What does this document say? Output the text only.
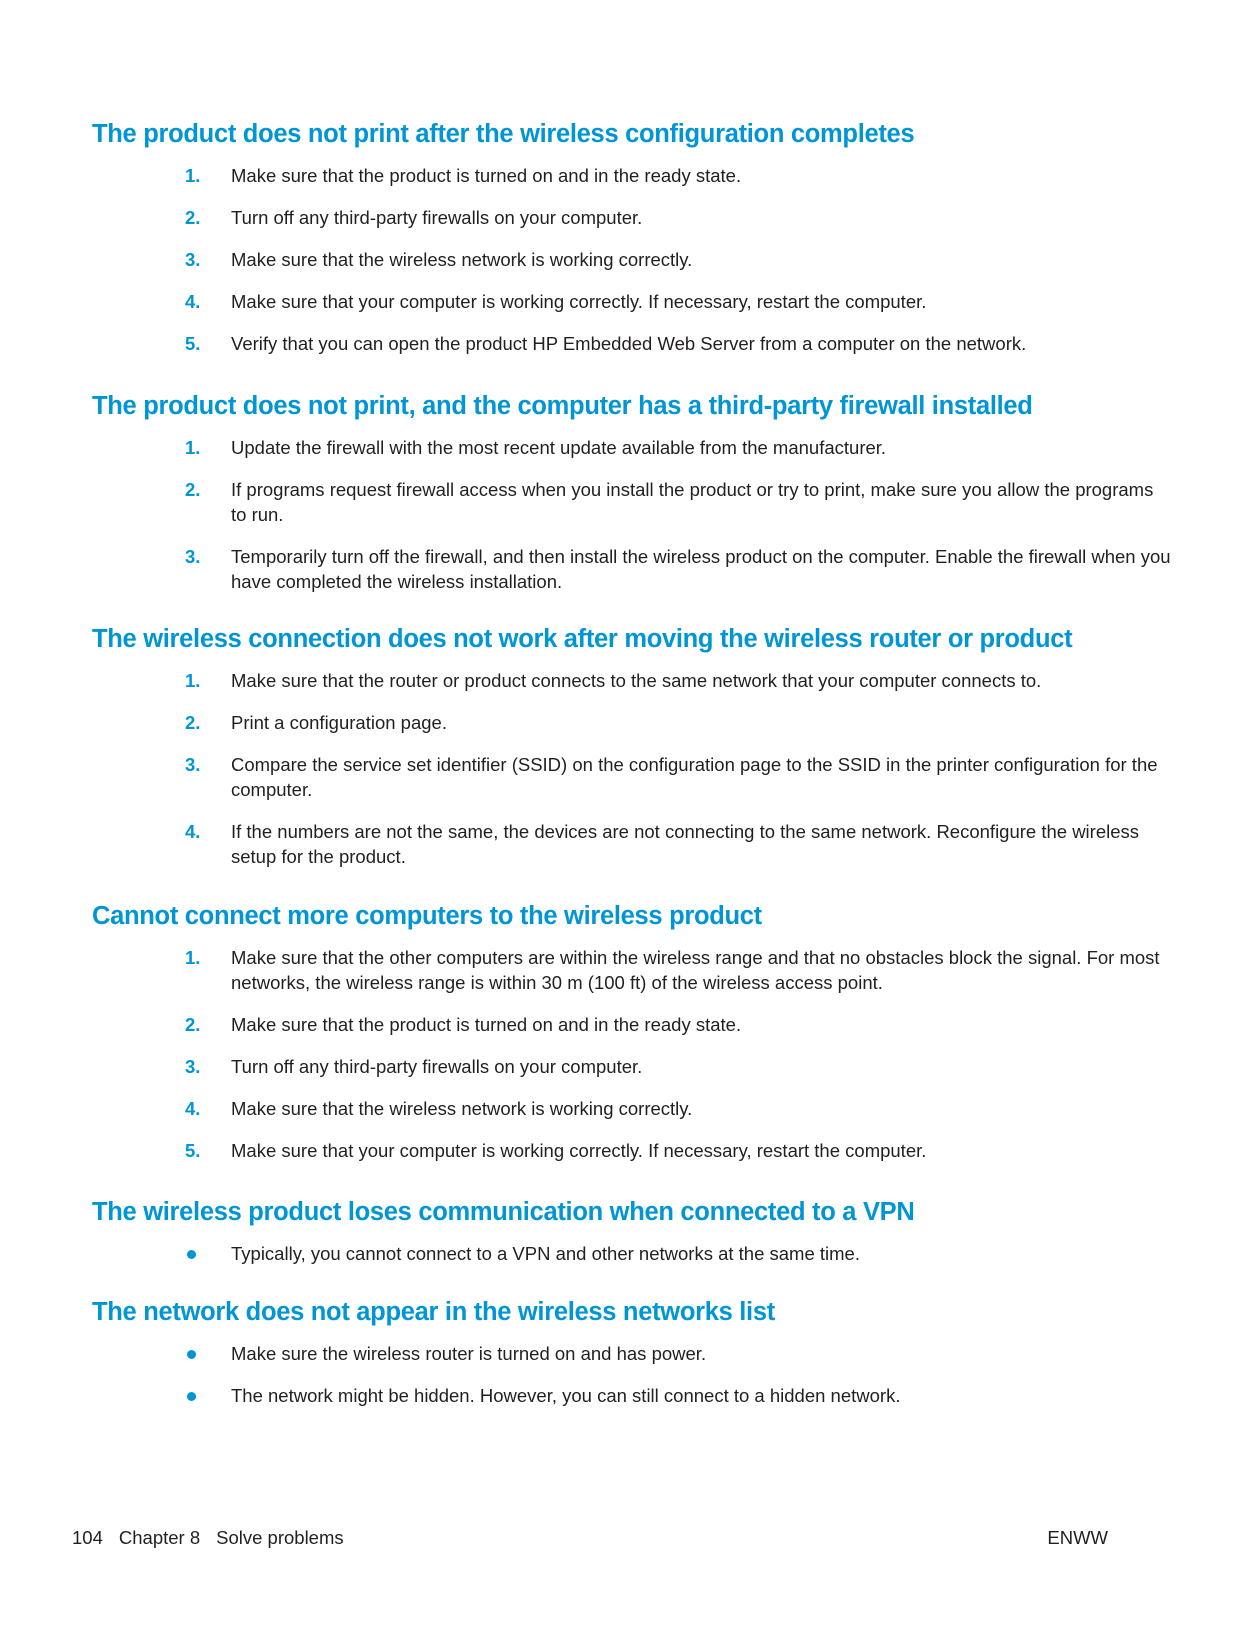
The product does not print after the wireless configuration completes
1. Make sure that the product is turned on and in the ready state.
2. Turn off any third-party firewalls on your computer.
3. Make sure that the wireless network is working correctly.
4. Make sure that your computer is working correctly. If necessary, restart the computer.
5. Verify that you can open the product HP Embedded Web Server from a computer on the network.
The product does not print, and the computer has a third-party firewall installed
1. Update the firewall with the most recent update available from the manufacturer.
2. If programs request firewall access when you install the product or try to print, make sure you allow the programs to run.
3. Temporarily turn off the firewall, and then install the wireless product on the computer. Enable the firewall when you have completed the wireless installation.
The wireless connection does not work after moving the wireless router or product
1. Make sure that the router or product connects to the same network that your computer connects to.
2. Print a configuration page.
3. Compare the service set identifier (SSID) on the configuration page to the SSID in the printer configuration for the computer.
4. If the numbers are not the same, the devices are not connecting to the same network. Reconfigure the wireless setup for the product.
Cannot connect more computers to the wireless product
1. Make sure that the other computers are within the wireless range and that no obstacles block the signal. For most networks, the wireless range is within 30 m (100 ft) of the wireless access point.
2. Make sure that the product is turned on and in the ready state.
3. Turn off any third-party firewalls on your computer.
4. Make sure that the wireless network is working correctly.
5. Make sure that your computer is working correctly. If necessary, restart the computer.
The wireless product loses communication when connected to a VPN
Typically, you cannot connect to a VPN and other networks at the same time.
The network does not appear in the wireless networks list
Make sure the wireless router is turned on and has power.
The network might be hidden. However, you can still connect to a hidden network.
104 Chapter 8 Solve problems	ENWW
